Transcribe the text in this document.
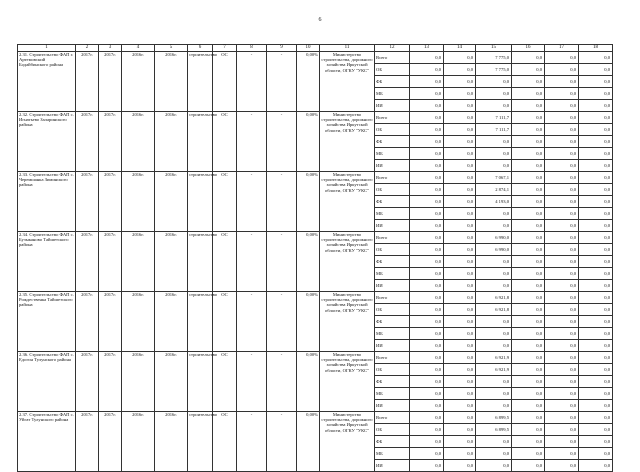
6
1	2	3	4	5	6	7	8	9	10	11	12	13	14	15	16	17	18
2.31. Строительство ФАП г. Артемовский Бодайбинского района	2017г.	2017г.	2016г.	2016г.	строительство	ОС	-	-	0,00%	Министерство строительства, дорожного хозяйства Иркутской области, ОГКУ "УКС"	Всего	0,0	0,0	7 775,0	0,0	0,0	0,0
											ОБ	0,0	0,0	7 775,0	0,0	0,0	0,0
											ФБ	0,0	0,0	0,0	0,0	0,0	0,0
											МБ	0,0	0,0	0,0	0,0	0,0	0,0
											ИИ	0,0	0,0	0,0	0,0	0,0	0,0
2.32. Строительство ФАП с. Игнатьево Заларинского района	2017г.	2017г.	2016г.	2016г.	строительство	ОС	-	-	0,00%	Министерство строительства, дорожного хозяйства Иркутской области, ОГКУ "УКС"	Всего	0,0	0,0	7 111,7	0,0	0,0	0,0
											ОБ	0,0	0,0	7 111,7	0,0	0,0	0,0
											ФБ	0,0	0,0	0,0	0,0	0,0	0,0
											МБ	0,0	0,0	0,0	0,0	0,0	0,0
											ИИ	0,0	0,0	0,0	0,0	0,0	0,0
2.33. Строительство ФАП с. Черемшанка Зиминского района	2017г.	2017г.	2016г.	2016г.	строительство	ОС	-	-	0,00%	Министерство строительства, дорожного хозяйства Иркутской области, ОГКУ "УКС"	Всего	0,0	0,0	7 067,1	0,0	0,0	0,0
											ОБ	0,0	0,0	2 874,1	0,0	0,0	0,0
											ФБ	0,0	0,0	4 193,0	0,0	0,0	0,0
											МБ	0,0	0,0	0,0	0,0	0,0	0,0
											ИИ	0,0	0,0	0,0	0,0	0,0	0,0
2.34. Строительство ФАП с. Бузыканово Тайшетского района	2017г.	2017г.	2016г.	2016г.	строительство	ОС	-	-	0,00%	Министерство строительства, дорожного хозяйства Иркутской области, ОГКУ "УКС"	Всего	0,0	0,0	6 990,0	0,0	0,0	0,0
											ОБ	0,0	0,0	6 990,0	0,0	0,0	0,0
											ФБ	0,0	0,0	0,0	0,0	0,0	0,0
											МБ	0,0	0,0	0,0	0,0	0,0	0,0
											ИИ	0,0	0,0	0,0	0,0	0,0	0,0
2.35. Строительство ФАП с. Рождественка Тайшетского района	2017г.	2017г.	2016г.	2016г.	строительство	ОС	-	-	0,00%	Министерство строительства, дорожного хозяйства Иркутской области, ОГКУ "УКС"	Всего	0,0	0,0	6 921,8	0,0	0,0	0,0
											ОБ	0,0	0,0	6 921,8	0,0	0,0	0,0
											ФБ	0,0	0,0	0,0	0,0	0,0	0,0
											МБ	0,0	0,0	0,0	0,0	0,0	0,0
											ИИ	0,0	0,0	0,0	0,0	0,0	0,0
2.36. Строительство ФАП с. Едогон Тулунского района	2017г.	2017г.	2016г.	2016г.	строительство	ОС	-	-	0,00%	Министерство строительства, дорожного хозяйства Иркутской области, ОГКУ "УКС"	Всего	0,0	0,0	6 921,9	0,0	0,0	0,0
											ОБ	0,0	0,0	6 921,9	0,0	0,0	0,0
											ФБ	0,0	0,0	0,0	0,0	0,0	0,0
											МБ	0,0	0,0	0,0	0,0	0,0	0,0
											ИИ	0,0	0,0	0,0	0,0	0,0	0,0
2.37. Строительство ФАП с. Уйгат Тулунского района	2017г.	2017г.	2016г.	2016г.	строительство	ОС	-	-	0,00%	Министерство строительства, дорожного хозяйства Иркутской области, ОГКУ "УКС"	Всего	0,0	0,0	6 899,5	0,0	0,0	0,0
											ОБ	0,0	0,0	6 899,5	0,0	0,0	0,0
											ФБ	0,0	0,0	0,0	0,0	0,0	0,0
											МБ	0,0	0,0	0,0	0,0	0,0	0,0
											ИИ	0,0	0,0	0,0	0,0	0,0	0,0
